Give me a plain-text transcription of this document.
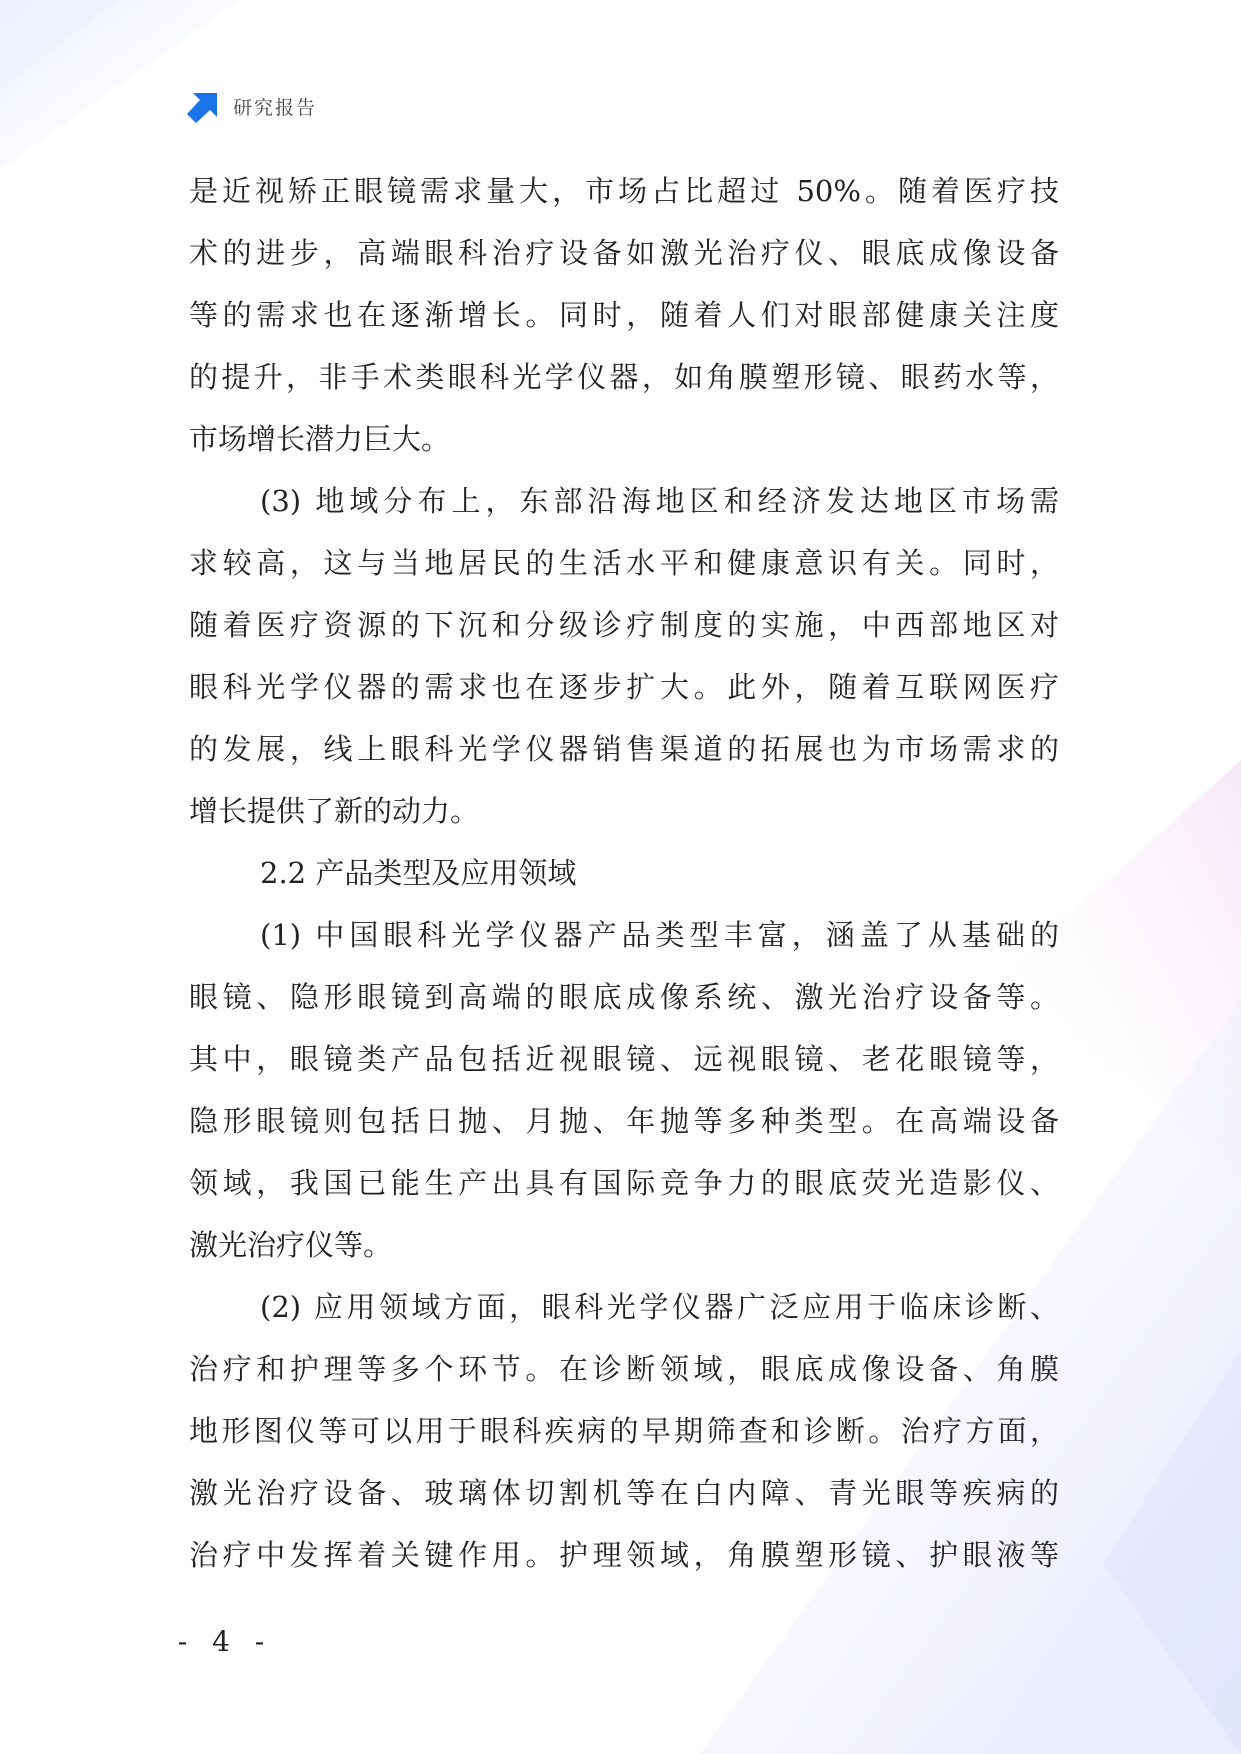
研究报告
是近视矫正眼镜需求量大，市场占比超过 50%。随着医疗技
术的进步，高端眼科治疗设备如激光治疗仪、眼底成像设备
等的需求也在逐渐增长。同时，随着人们对眼部健康关注度
的提升，非手术类眼科光学仪器，如角膜塑形镜、眼药水等，
市场增长潜力巨大。
(3) 地域分布上，东部沿海地区和经济发达地区市场需
求较高，这与当地居民的生活水平和健康意识有关。同时，
随着医疗资源的下沉和分级诊疗制度的实施，中西部地区对
眼科光学仪器的需求也在逐步扩大。此外，随着互联网医疗
的发展，线上眼科光学仪器销售渠道的拓展也为市场需求的
增长提供了新的动力。
2.2 产品类型及应用领域
(1) 中国眼科光学仪器产品类型丰富，涵盖了从基础的
眼镜、隐形眼镜到高端的眼底成像系统、激光治疗设备等。
其中，眼镜类产品包括近视眼镜、远视眼镜、老花眼镜等，
隐形眼镜则包括日抛、月抛、年抛等多种类型。在高端设备
领域，我国已能生产出具有国际竞争力的眼底荧光造影仪、
激光治疗仪等。
(2) 应用领域方面，眼科光学仪器广泛应用于临床诊断、
治疗和护理等多个环节。在诊断领域，眼底成像设备、角膜
地形图仪等可以用于眼科疾病的早期筛查和诊断。治疗方面，
激光治疗设备、玻璃体切割机等在白内障、青光眼等疾病的
治疗中发挥着关键作用。护理领域，角膜塑形镜、护眼液等
- 4 -
